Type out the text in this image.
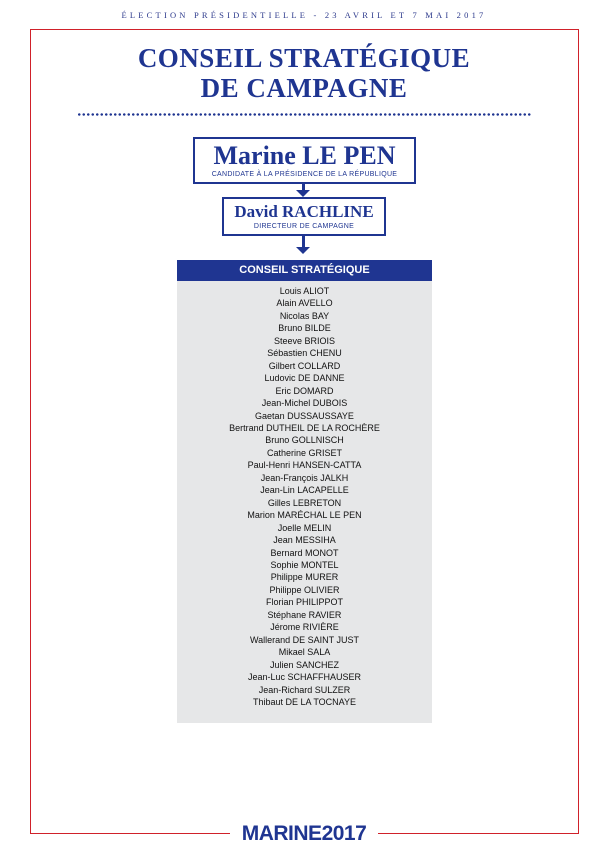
ÉLECTION PRÉSIDENTIELLE - 23 AVRIL ET 7 MAI 2017
CONSEIL STRATÉGIQUE
DE CAMPAGNE
Marine LE PEN
CANDIDATE À LA PRÉSIDENCE DE LA RÉPUBLIQUE
David RACHLINE
DIRECTEUR DE CAMPAGNE
CONSEIL STRATÉGIQUE
Louis ALIOT
Alain AVELLO
Nicolas BAY
Bruno BILDE
Steeve BRIOIS
Sébastien CHENU
Gilbert COLLARD
Ludovic DE DANNE
Eric DOMARD
Jean-Michel DUBOIS
Gaetan DUSSAUSSAYE
Bertrand DUTHEIL DE LA ROCHÈRE
Bruno GOLLNISCH
Catherine GRISET
Paul-Henri HANSEN-CATTA
Jean-François JALKH
Jean-Lin LACAPELLE
Gilles LEBRETON
Marion MARÉCHAL LE PEN
Joelle MELIN
Jean MESSIHA
Bernard MONOT
Sophie MONTEL
Philippe MURER
Philippe OLIVIER
Florian PHILIPPOT
Stéphane RAVIER
Jérome RIVIÈRE
Wallerand DE SAINT JUST
Mikael SALA
Julien SANCHEZ
Jean-Luc SCHAFFHAUSER
Jean-Richard SULZER
Thibaut DE LA TOCNAYE
MARINE2017
